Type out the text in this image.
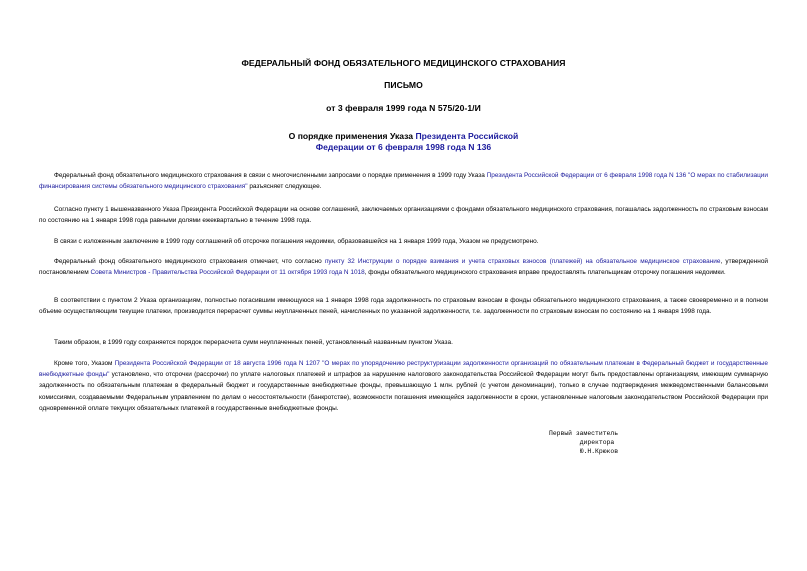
ФЕДЕРАЛЬНЫЙ ФОНД ОБЯЗАТЕЛЬНОГО МЕДИЦИНСКОГО СТРАХОВАНИЯ
ПИСЬМО
от 3 февраля 1999 года N 575/20-1/И
О порядке применения Указа Президента Российской
Федерации от 6 февраля 1998 года N 136

Федеральный фонд обязательного медицинского страхования в связи с многочисленными запросами о порядке применения в 1999 году Указа Президента Российской Федерации от 6 февраля 1998 года N 136 "О мерах по стабилизации финансирования системы обязательного медицинского страхования" разъясняет следующее.

Согласно пункту 1 вышеназванного Указа Президента Российской Федерации на основе соглашений, заключаемых организациями с фондами обязательного медицинского страхования, погашалась задолженность по страховым взносам по состоянию на 1 января 1998 года равными долями ежеквартально в течение 1998 года.

В связи с изложенным заключение в 1999 году соглашений об отсрочке погашения недоимки, образовавшейся на 1 января 1999 года, Указом не предусмотрено.

Федеральный фонд обязательного медицинского страхования отмечает, что согласно пункту 32 Инструкции о порядке взимания и учета страховых взносов (платежей) на обязательное медицинское страхование, утвержденной постановлением Совета Министров - Правительства Российской Федерации от 11 октября 1993 года N 1018, фонды обязательного медицинского страхования вправе предоставлять плательщикам отсрочку погашения недоимки.

В соответствии с пунктом 2 Указа организациям, полностью погасившим имеющуюся на 1 января 1998 года задолженность по страховым взносам в фонды обязательного медицинского страхования, а также своевременно и в полном объеме осуществляющим текущие платежи, производится перерасчет суммы неуплаченных пеней, начисленных по указанной задолженности, т.е. задолженности по страховым взносам по состоянию на 1 января 1998 года.

Таким образом, в 1999 году сохраняется порядок перерасчета сумм неуплаченных пеней, установленный названным пунктом Указа.

Кроме того, Указом Президента Российской Федерации от 18 августа 1996 года N 1207 "О мерах по упорядочению реструктуризации задолженности организаций по обязательным платежам в Федеральный бюджет и государственные внебюджетные фонды" установлено, что отсрочки (рассрочки) по уплате налоговых платежей и штрафов за нарушение налогового законодательства Российской Федерации могут быть предоставлены организациям, имеющим суммарную задолженность по обязательным платежам в федеральный бюджет и государственные внебюджетные фонды, превышающую 1 млн. рублей (с учетом деноминации), только в случае подтверждения межведомственными балансовыми комиссиями, создаваемыми Федеральным управлением по делам о несостоятельности (банкротстве), возможности погашения имеющейся задолженности в сроки, установленные налоговым законодательством Российской Федерации при одновременной оплате текущих обязательных платежей в государственные внебюджетные фонды.

Первый заместитель
директора
Ю.Н.Крюков
